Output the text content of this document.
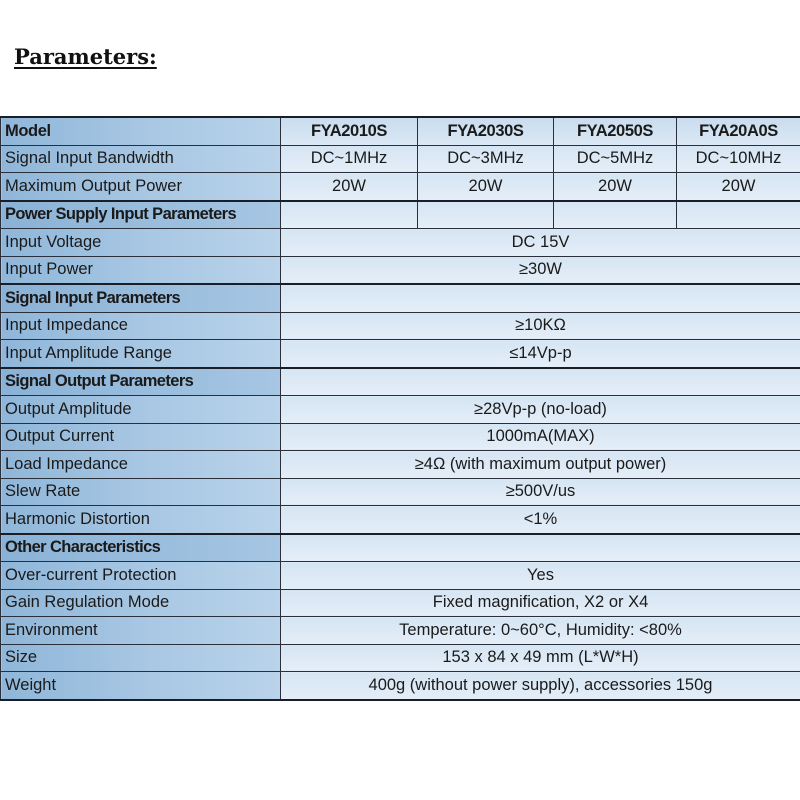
Parameters:
Model	FYA2010S	FYA2030S	FYA2050S	FYA20A0S
Signal Input Bandwidth	DC~1MHz	DC~3MHz	DC~5MHz	DC~10MHz
Maximum Output Power	20W	20W	20W	20W
Power Supply Input Parameters				
Input Voltage	DC 15V			
Input Power	≥30W			
Signal Input Parameters				
Input Impedance	≥10KΩ			
Input Amplitude Range	≤14Vp-p			
Signal Output Parameters				
Output Amplitude	≥28Vp-p (no-load)			
Output Current	1000mA(MAX)			
Load Impedance	≥4Ω (with maximum output power)			
Slew Rate	≥500V/us			
Harmonic Distortion	<1%			
Other Characteristics				
Over-current Protection	Yes			
Gain Regulation Mode	Fixed magnification, X2 or X4			
Environment	Temperature: 0~60°C, Humidity: <80%			
Size	153 x 84 x 49 mm (L*W*H)			
Weight	400g (without power supply), accessories 150g			
